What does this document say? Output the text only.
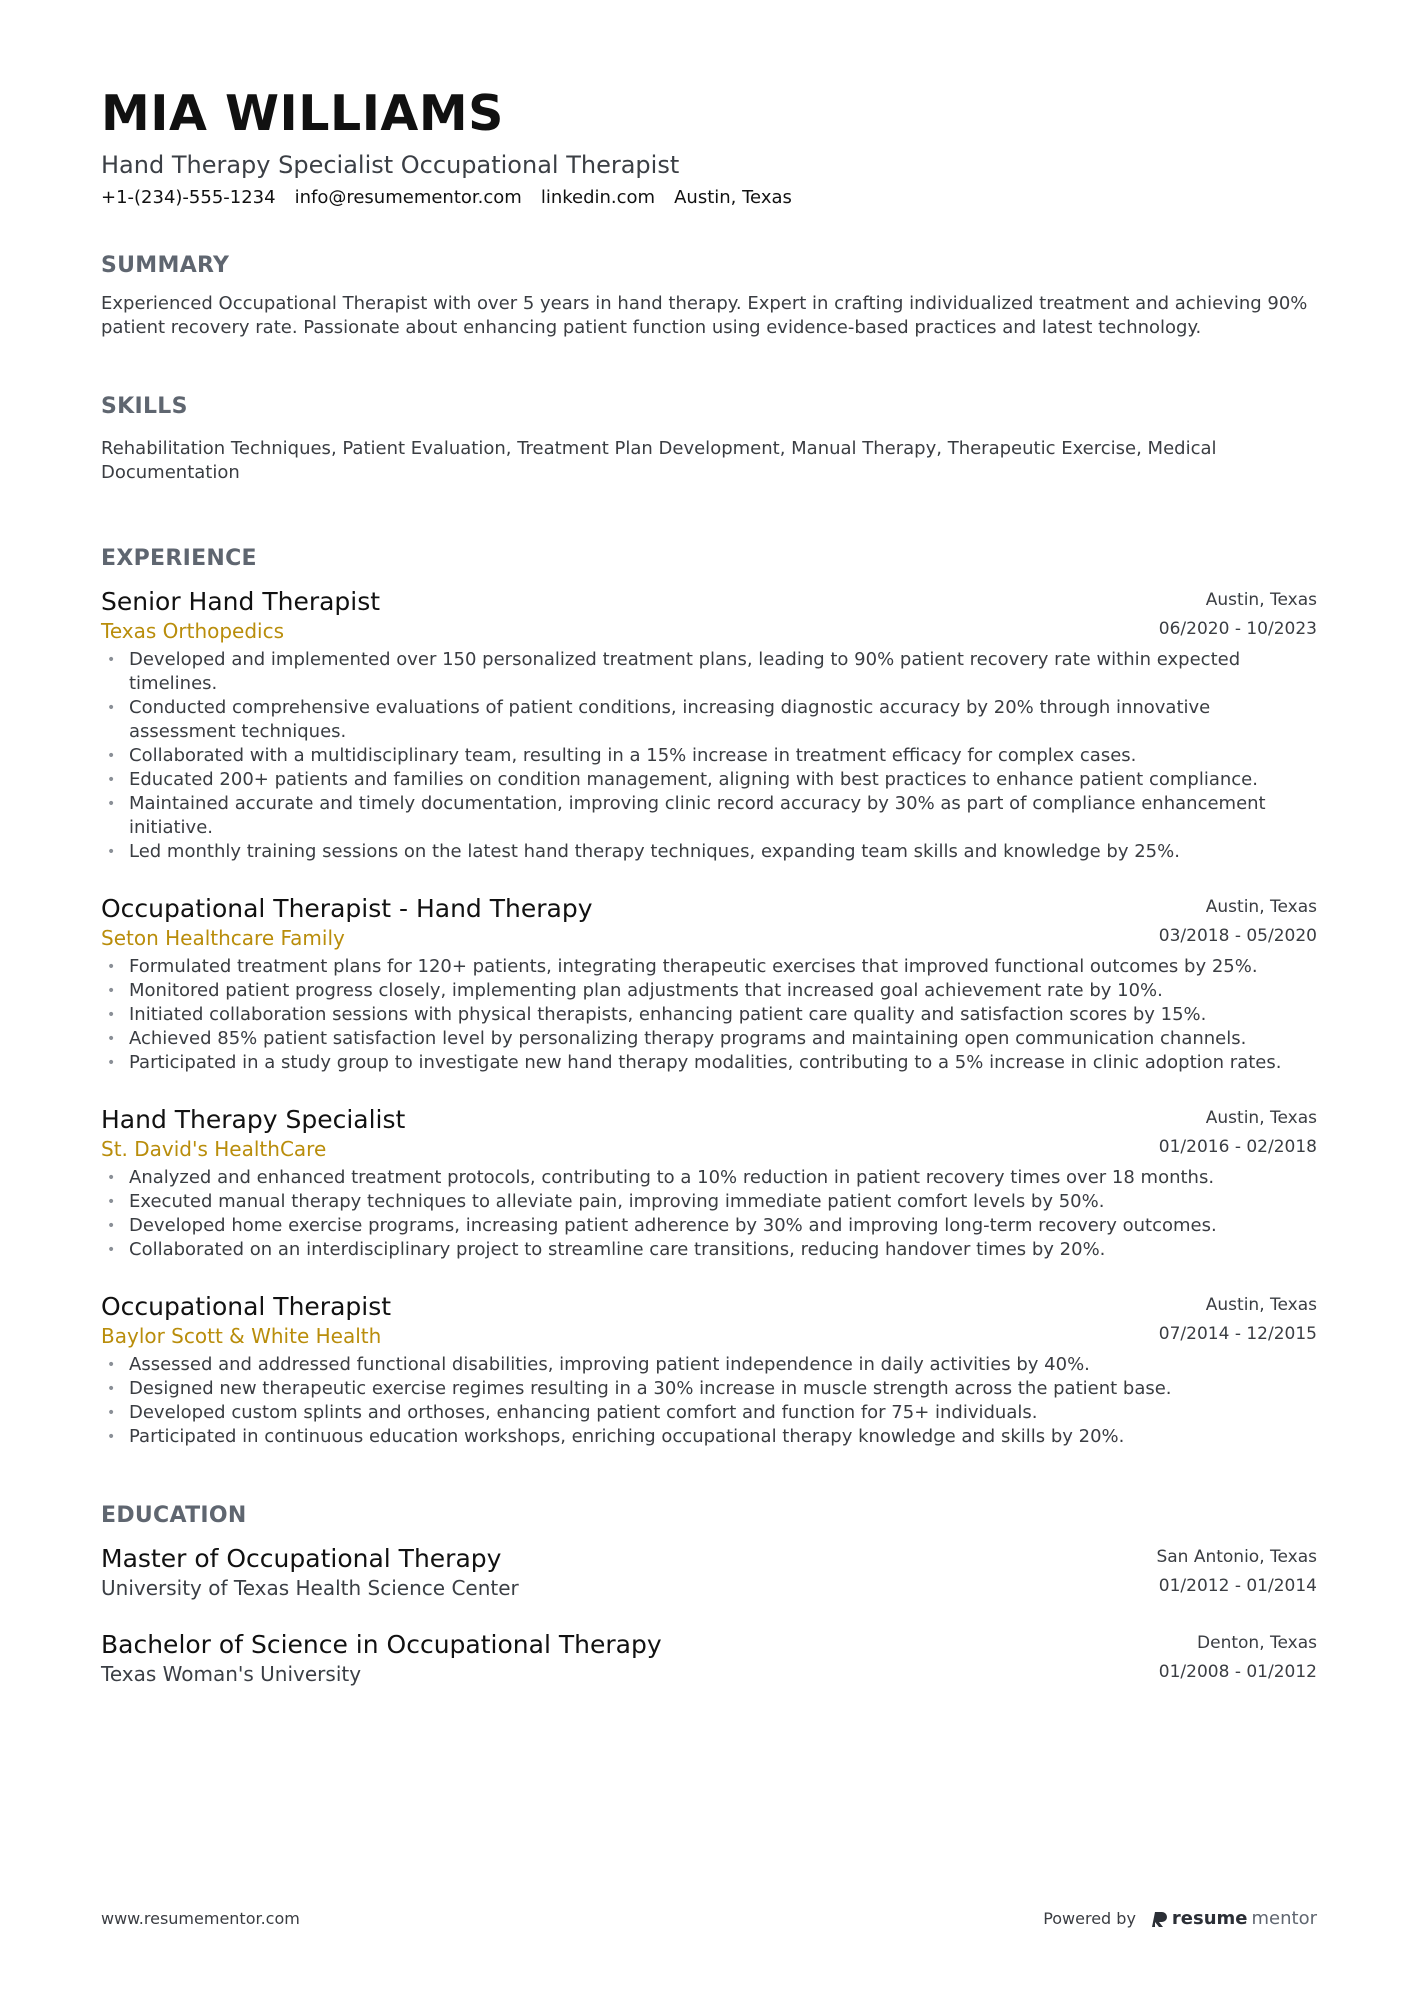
MIA WILLIAMS
Hand Therapy Specialist Occupational Therapist
+1-(234)-555-1234 info@resumementor.com linkedin.com Austin, Texas
SUMMARY
Experienced Occupational Therapist with over 5 years in hand therapy. Expert in crafting individualized treatment and achieving 90% patient recovery rate. Passionate about enhancing patient function using evidence-based practices and latest technology.
SKILLS
Rehabilitation Techniques, Patient Evaluation, Treatment Plan Development, Manual Therapy, Therapeutic Exercise, Medical Documentation
EXPERIENCE
Senior Hand Therapist
Texas Orthopedics
Austin, Texas
06/2020 - 10/2023
• Developed and implemented over 150 personalized treatment plans, leading to 90% patient recovery rate within expected timelines.
• Conducted comprehensive evaluations of patient conditions, increasing diagnostic accuracy by 20% through innovative assessment techniques.
• Collaborated with a multidisciplinary team, resulting in a 15% increase in treatment efficacy for complex cases.
• Educated 200+ patients and families on condition management, aligning with best practices to enhance patient compliance.
• Maintained accurate and timely documentation, improving clinic record accuracy by 30% as part of compliance enhancement initiative.
• Led monthly training sessions on the latest hand therapy techniques, expanding team skills and knowledge by 25%.
Occupational Therapist - Hand Therapy
Seton Healthcare Family
Austin, Texas
03/2018 - 05/2020
• Formulated treatment plans for 120+ patients, integrating therapeutic exercises that improved functional outcomes by 25%.
• Monitored patient progress closely, implementing plan adjustments that increased goal achievement rate by 10%.
• Initiated collaboration sessions with physical therapists, enhancing patient care quality and satisfaction scores by 15%.
• Achieved 85% patient satisfaction level by personalizing therapy programs and maintaining open communication channels.
• Participated in a study group to investigate new hand therapy modalities, contributing to a 5% increase in clinic adoption rates.
Hand Therapy Specialist
St. David's HealthCare
Austin, Texas
01/2016 - 02/2018
• Analyzed and enhanced treatment protocols, contributing to a 10% reduction in patient recovery times over 18 months.
• Executed manual therapy techniques to alleviate pain, improving immediate patient comfort levels by 50%.
• Developed home exercise programs, increasing patient adherence by 30% and improving long-term recovery outcomes.
• Collaborated on an interdisciplinary project to streamline care transitions, reducing handover times by 20%.
Occupational Therapist
Baylor Scott & White Health
Austin, Texas
07/2014 - 12/2015
• Assessed and addressed functional disabilities, improving patient independence in daily activities by 40%.
• Designed new therapeutic exercise regimes resulting in a 30% increase in muscle strength across the patient base.
• Developed custom splints and orthoses, enhancing patient comfort and function for 75+ individuals.
• Participated in continuous education workshops, enriching occupational therapy knowledge and skills by 20%.
EDUCATION
Master of Occupational Therapy
University of Texas Health Science Center
San Antonio, Texas
01/2012 - 01/2014
Bachelor of Science in Occupational Therapy
Texas Woman's University
Denton, Texas
01/2008 - 01/2012
www.resumementor.com	Powered by resume mentor
